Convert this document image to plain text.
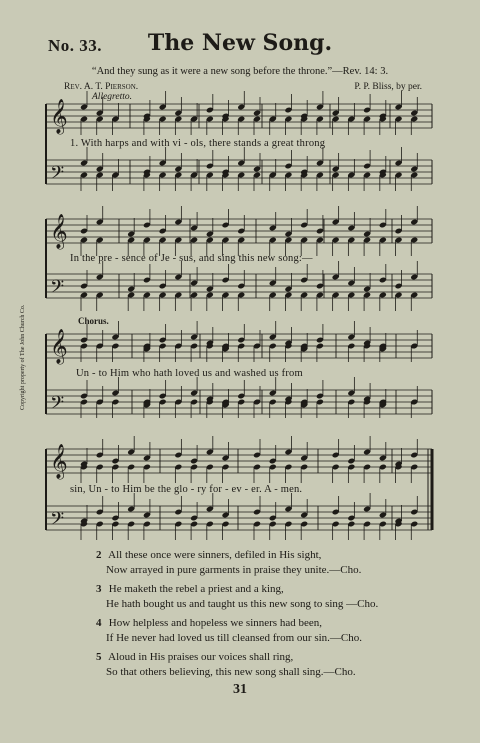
No. 33.	The New Song.
“And they sung as it were a new song before the throne.”—Rev. 14: 3.
Rev. A. T. Pierson.	P. P. Bliss, by per.
Allegretto.
Chorus.
Copyright property of The John Church Co.
𝄞
𝄢
𝄞
𝄢
𝄞
𝄢
𝄞
𝄢
1. With harps and with vi - ols, there stands a great throng
In the pre - sence of Je - sus, and sing this new song:—
Un - to Him who hath loved us and washed us from
sin, Un - to Him be the glo - ry for - ev - er. A - men.
2 All these once were sinners, defiled in His sight,
Now arrayed in pure garments in praise they unite.—Cho.
3 He maketh the rebel a priest and a king,
He hath bought us and taught us this new song to sing —Cho.
4 How helpless and hopeless we sinners had been,
If He never had loved us till cleansed from our sin.—Cho.
5 Aloud in His praises our voices shall ring,
So that others believing, this new song shall sing.—Cho.
31
